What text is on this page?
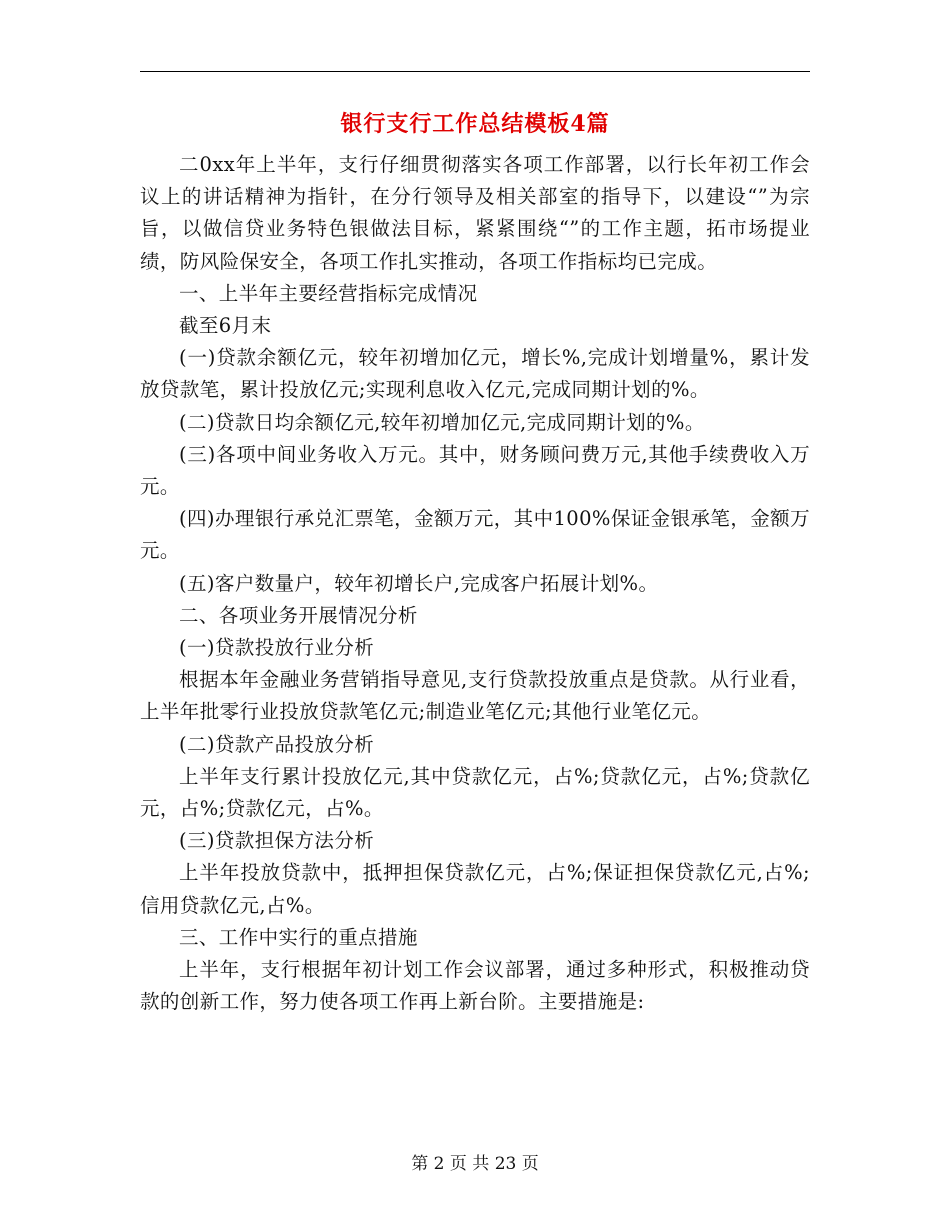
银行支行工作总结模板4篇

二0xx年上半年，支行仔细贯彻落实各项工作部署，以行长年初工作会议上的讲话精神为指针，在分行领导及相关部室的指导下，以建设“”为宗旨，以做信贷业务特色银做法目标，紧紧围绕“”的工作主题，拓市场提业绩，防风险保安全，各项工作扎实推动，各项工作指标均已完成。

一、上半年主要经营指标完成情况

截至6月末

(一)贷款余额亿元，较年初增加亿元，增长%,完成计划增量%，累计发放贷款笔，累计投放亿元;实现利息收入亿元,完成同期计划的%。

(二)贷款日均余额亿元,较年初增加亿元,完成同期计划的%。

(三)各项中间业务收入万元。其中，财务顾问费万元,其他手续费收入万元。

(四)办理银行承兑汇票笔，金额万元，其中100%保证金银承笔，金额万元。

(五)客户数量户，较年初增长户,完成客户拓展计划%。

二、各项业务开展情况分析

(一)贷款投放行业分析

根据本年金融业务营销指导意见,支行贷款投放重点是贷款。从行业看，上半年批零行业投放贷款笔亿元;制造业笔亿元;其他行业笔亿元。

(二)贷款产品投放分析

上半年支行累计投放亿元,其中贷款亿元，占%;贷款亿元，占%;贷款亿元，占%;贷款亿元，占%。

(三)贷款担保方法分析

上半年投放贷款中，抵押担保贷款亿元，占%;保证担保贷款亿元,占%;信用贷款亿元,占%。

三、工作中实行的重点措施

上半年，支行根据年初计划工作会议部署，通过多种形式，积极推动贷款的创新工作，努力使各项工作再上新台阶。主要措施是:

第 2 页 共 23 页
